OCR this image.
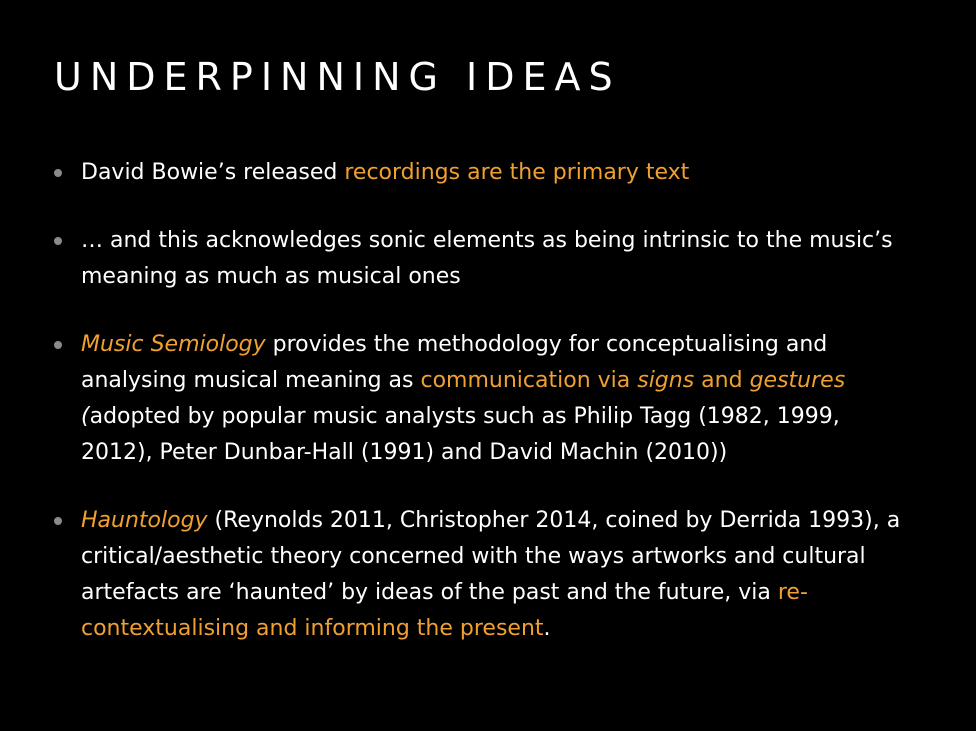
UNDERPINNING IDEAS
David Bowie’s released recordings are the primary text
… and this acknowledges sonic elements as being intrinsic to the music’s meaning as much as musical ones
Music Semiology provides the methodology for conceptualising and analysing musical meaning as communication via signs and gestures (adopted by popular music analysts such as Philip Tagg (1982, 1999, 2012), Peter Dunbar-Hall (1991) and David Machin (2010))
Hauntology (Reynolds 2011, Christopher 2014, coined by Derrida 1993), a critical/aesthetic theory concerned with the ways artworks and cultural artefacts are ‘haunted’ by ideas of the past and the future, via re-contextualising and informing the present.
